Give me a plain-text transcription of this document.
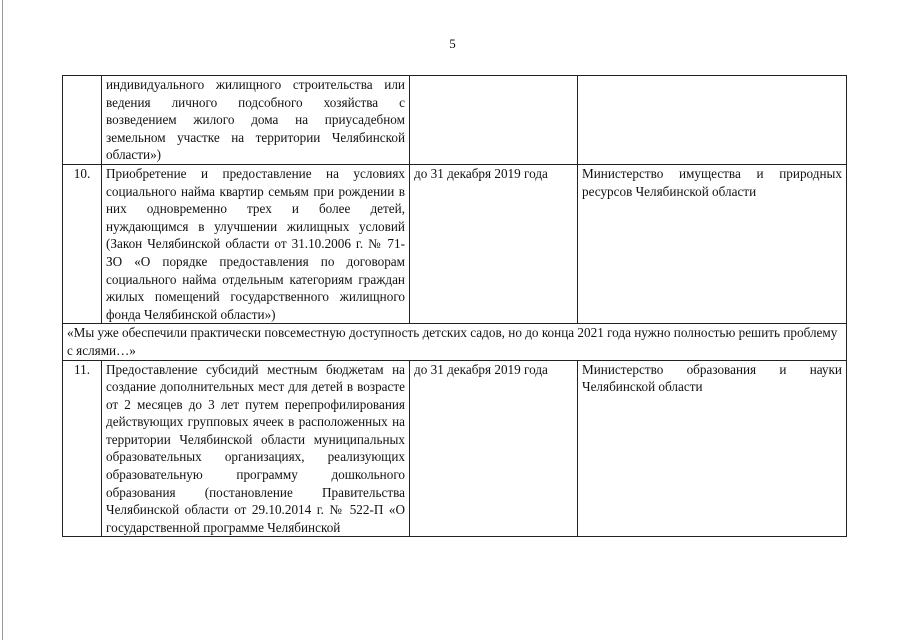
5
	индивидуального жилищного строительства или ведения личного подсобного хозяйства с возведением жилого дома на приусадебном земельном участке на территории Челябинской области»)		
10.	Приобретение и предоставление на условиях социального найма квартир семьям при рождении в них одновременно трех и более детей, нуждающимся в улучшении жилищных условий (Закон Челябинской области от 31.10.2006 г. № 71-ЗО «О порядке предоставления по договорам социального найма отдельным категориям граждан жилых помещений государственного жилищного фонда Челябинской области»)	до 31 декабря 2019 года	Министерство имущества и природных ресурсов Челябинской области
«Мы уже обеспечили практически повсеместную доступность детских садов, но до конца 2021 года нужно полностью решить проблему с яслями…»			
11.	Предоставление субсидий местным бюджетам на создание дополнительных мест для детей в возрасте от 2 месяцев до 3 лет путем перепрофилирования действующих групповых ячеек в расположенных на территории Челябинской области муниципальных образовательных организациях, реализующих образовательную программу дошкольного образования (постановление Правительства Челябинской области от 29.10.2014 г. № 522-П «О государственной программе Челябинской	до 31 декабря 2019 года	Министерство образования и науки Челябинской области
